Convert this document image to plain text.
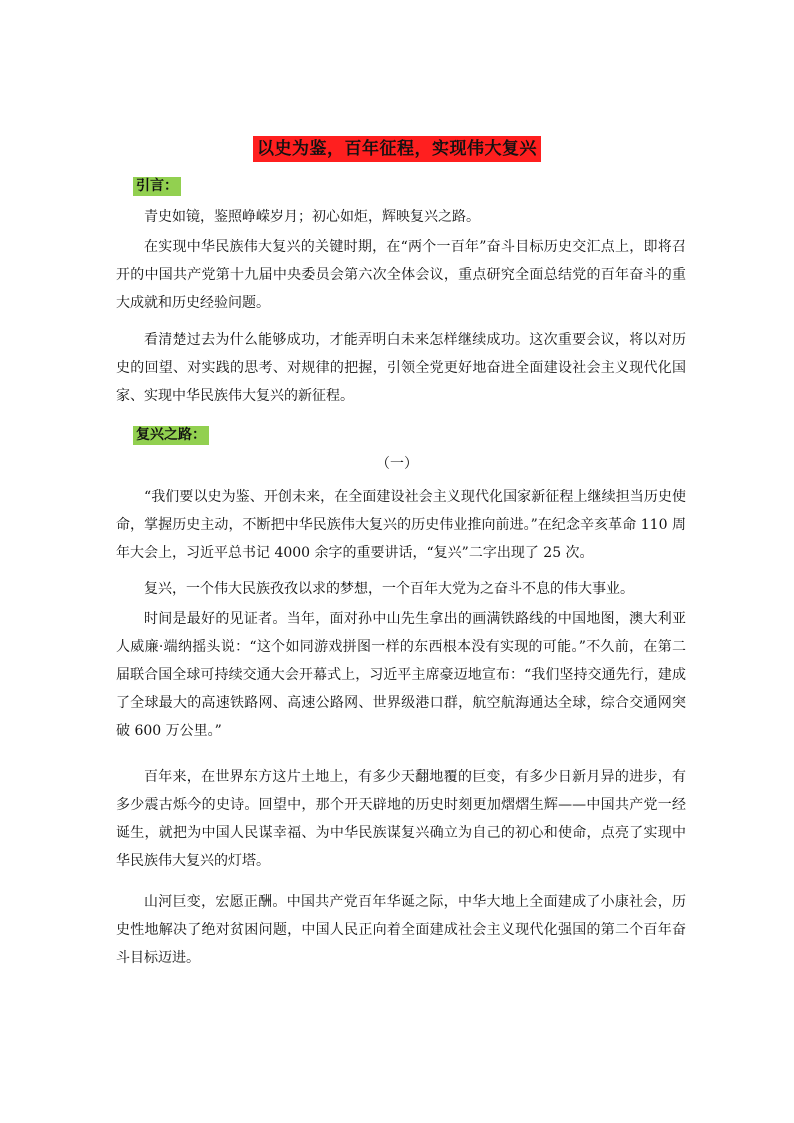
以史为鉴，百年征程，实现伟大复兴
引言：

青史如镜，鉴照峥嵘岁月；初心如炬，辉映复兴之路。

在实现中华民族伟大复兴的关键时期，在“两个一百年”奋斗目标历史交汇点上，即将召开的中国共产党第十九届中央委员会第六次全体会议，重点研究全面总结党的百年奋斗的重大成就和历史经验问题。

看清楚过去为什么能够成功，才能弄明白未来怎样继续成功。这次重要会议，将以对历史的回望、对实践的思考、对规律的把握，引领全党更好地奋进全面建设社会主义现代化国家、实现中华民族伟大复兴的新征程。

复兴之路：
（一）

“我们要以史为鉴、开创未来，在全面建设社会主义现代化国家新征程上继续担当历史使命，掌握历史主动，不断把中华民族伟大复兴的历史伟业推向前进。”在纪念辛亥革命 110 周年大会上，习近平总书记 4000 余字的重要讲话，“复兴”二字出现了 25 次。

复兴，一个伟大民族孜孜以求的梦想，一个百年大党为之奋斗不息的伟大事业。

时间是最好的见证者。当年，面对孙中山先生拿出的画满铁路线的中国地图，澳大利亚人威廉·端纳摇头说：“这个如同游戏拼图一样的东西根本没有实现的可能。”不久前，在第二届联合国全球可持续交通大会开幕式上，习近平主席豪迈地宣布：“我们坚持交通先行，建成了全球最大的高速铁路网、高速公路网、世界级港口群，航空航海通达全球，综合交通网突破 600 万公里。”

百年来，在世界东方这片土地上，有多少天翻地覆的巨变，有多少日新月异的进步，有多少震古烁今的史诗。回望中，那个开天辟地的历史时刻更加熠熠生辉——中国共产党一经诞生，就把为中国人民谋幸福、为中华民族谋复兴确立为自己的初心和使命，点亮了实现中华民族伟大复兴的灯塔。

山河巨变，宏愿正酬。中国共产党百年华诞之际，中华大地上全面建成了小康社会，历史性地解决了绝对贫困问题，中国人民正向着全面建成社会主义现代化强国的第二个百年奋斗目标迈进。
